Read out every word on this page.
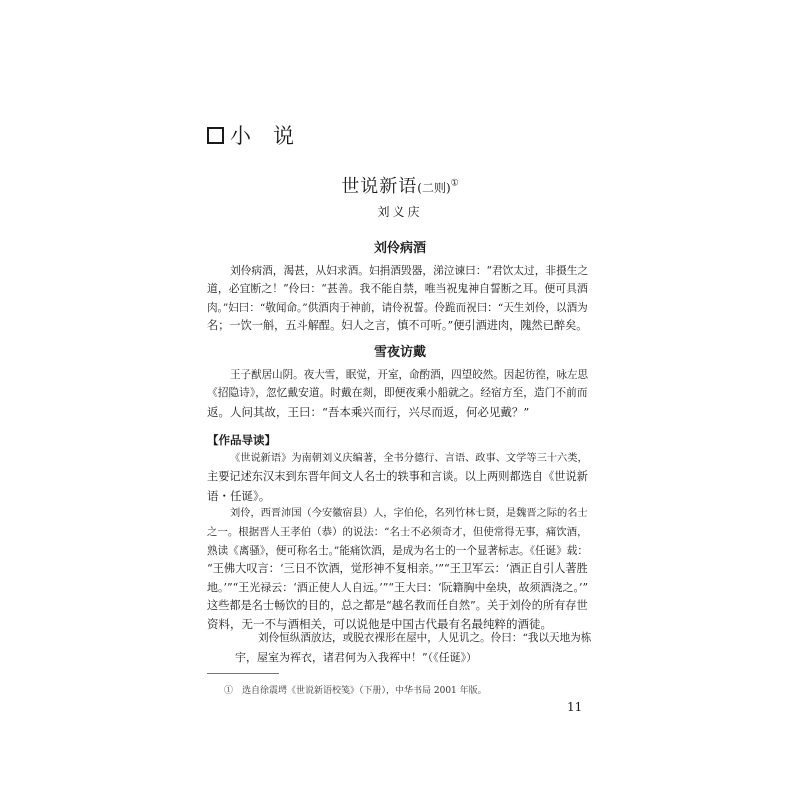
小 说
世说新语(二则)①
刘义庆
刘伶病酒
刘伶病酒，渴甚，从妇求酒。妇捐酒毁器，涕泣谏曰：“君饮太过，非摄生之
道，必宜断之！”伶曰：“甚善。我不能自禁，唯当祝鬼神自誓断之耳。便可具酒
肉。”妇曰：“敬闻命。”供酒肉于神前，请伶祝誓。伶跪而祝曰：“天生刘伶，以酒为
名；一饮一斛，五斗解酲。妇人之言，慎不可听。”便引酒进肉，隗然已醉矣。
雪夜访戴
王子猷居山阴。夜大雪，眠觉，开室，命酌酒，四望皎然。因起彷徨，咏左思
《招隐诗》，忽忆戴安道。时戴在剡，即便夜乘小船就之。经宿方至，造门不前而
返。人问其故，王曰：“吾本乘兴而行，兴尽而返，何必见戴？”
【作品导读】
《世说新语》为南朝刘义庆编著，全书分德行、言语、政事、文学等三十六类，
主要记述东汉末到东晋年间文人名士的轶事和言谈。以上两则都选自《世说新
语・任诞》。
刘伶，西晋沛国（今安徽宿县）人，字伯伦，名列竹林七贤，是魏晋之际的名士
之一。根据晋人王孝伯（恭）的说法：“名士不必须奇才，但使常得无事，痛饮酒，
熟读《离骚》，便可称名士。”能痛饮酒，是成为名士的一个显著标志。《任诞》载：
“王佛大叹言：‘三日不饮酒，觉形神不复相亲。’”“王卫军云：‘酒正自引人著胜
地。’”“王光禄云：‘酒正使人人自远。’”“王大曰：‘阮籍胸中垒块，故须酒浇之。’”
这些都是名士畅饮的目的，总之都是“越名教而任自然”。关于刘伶的所有存世
资料，无一不与酒相关，可以说他是中国古代最有名最纯粹的酒徒。
刘伶恒纵酒放达，或脱衣裸形在屋中，人见讥之。伶曰：“我以天地为栋
宇，屋室为裈衣，诸君何为入我裈中！”（《任诞》）
①　选自徐震堮《世说新语校笺》（下册），中华书局 2001 年版。
11
